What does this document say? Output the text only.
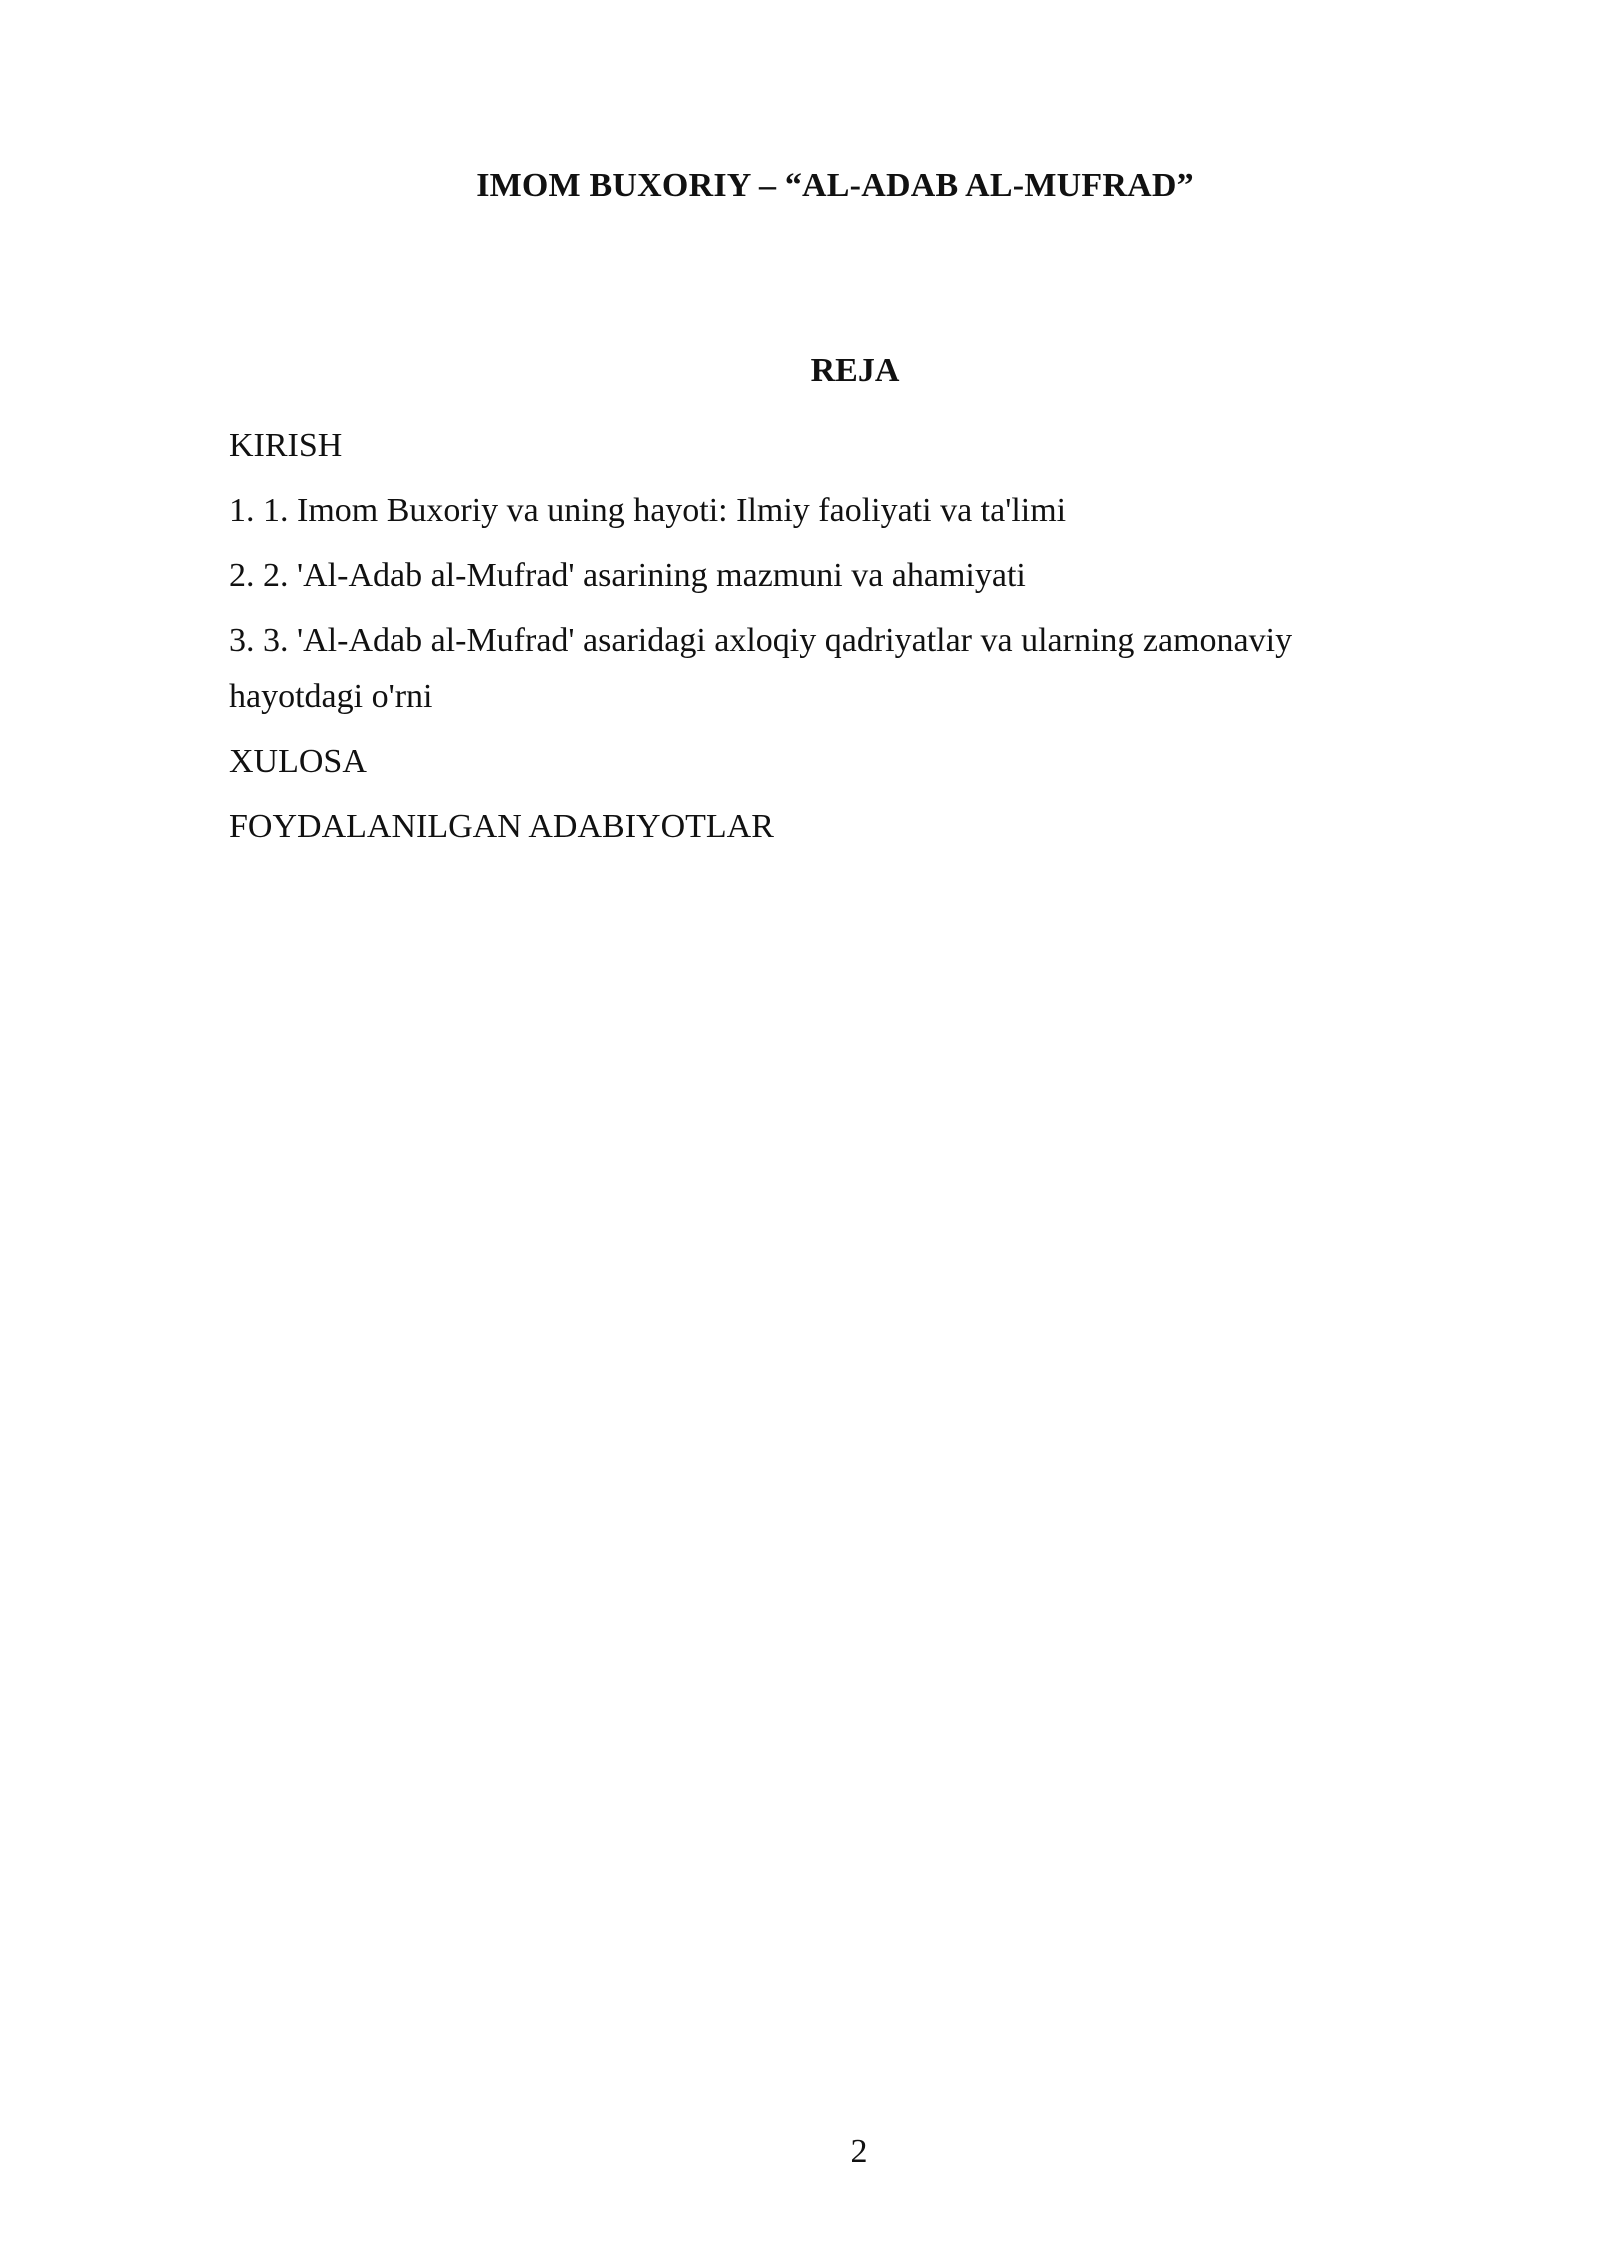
IMOM BUXORIY – “AL-ADAB AL-MUFRAD”
REJA
KIRISH
1. 1. Imom Buxoriy va uning hayoti: Ilmiy faoliyati va ta'limi
2. 2. 'Al-Adab al-Mufrad' asarining mazmuni va ahamiyati
3. 3. 'Al-Adab al-Mufrad' asaridagi axloqiy qadriyatlar va ularning zamonaviy hayotdagi o'rni
XULOSA
FOYDALANILGAN ADABIYOTLAR
2
